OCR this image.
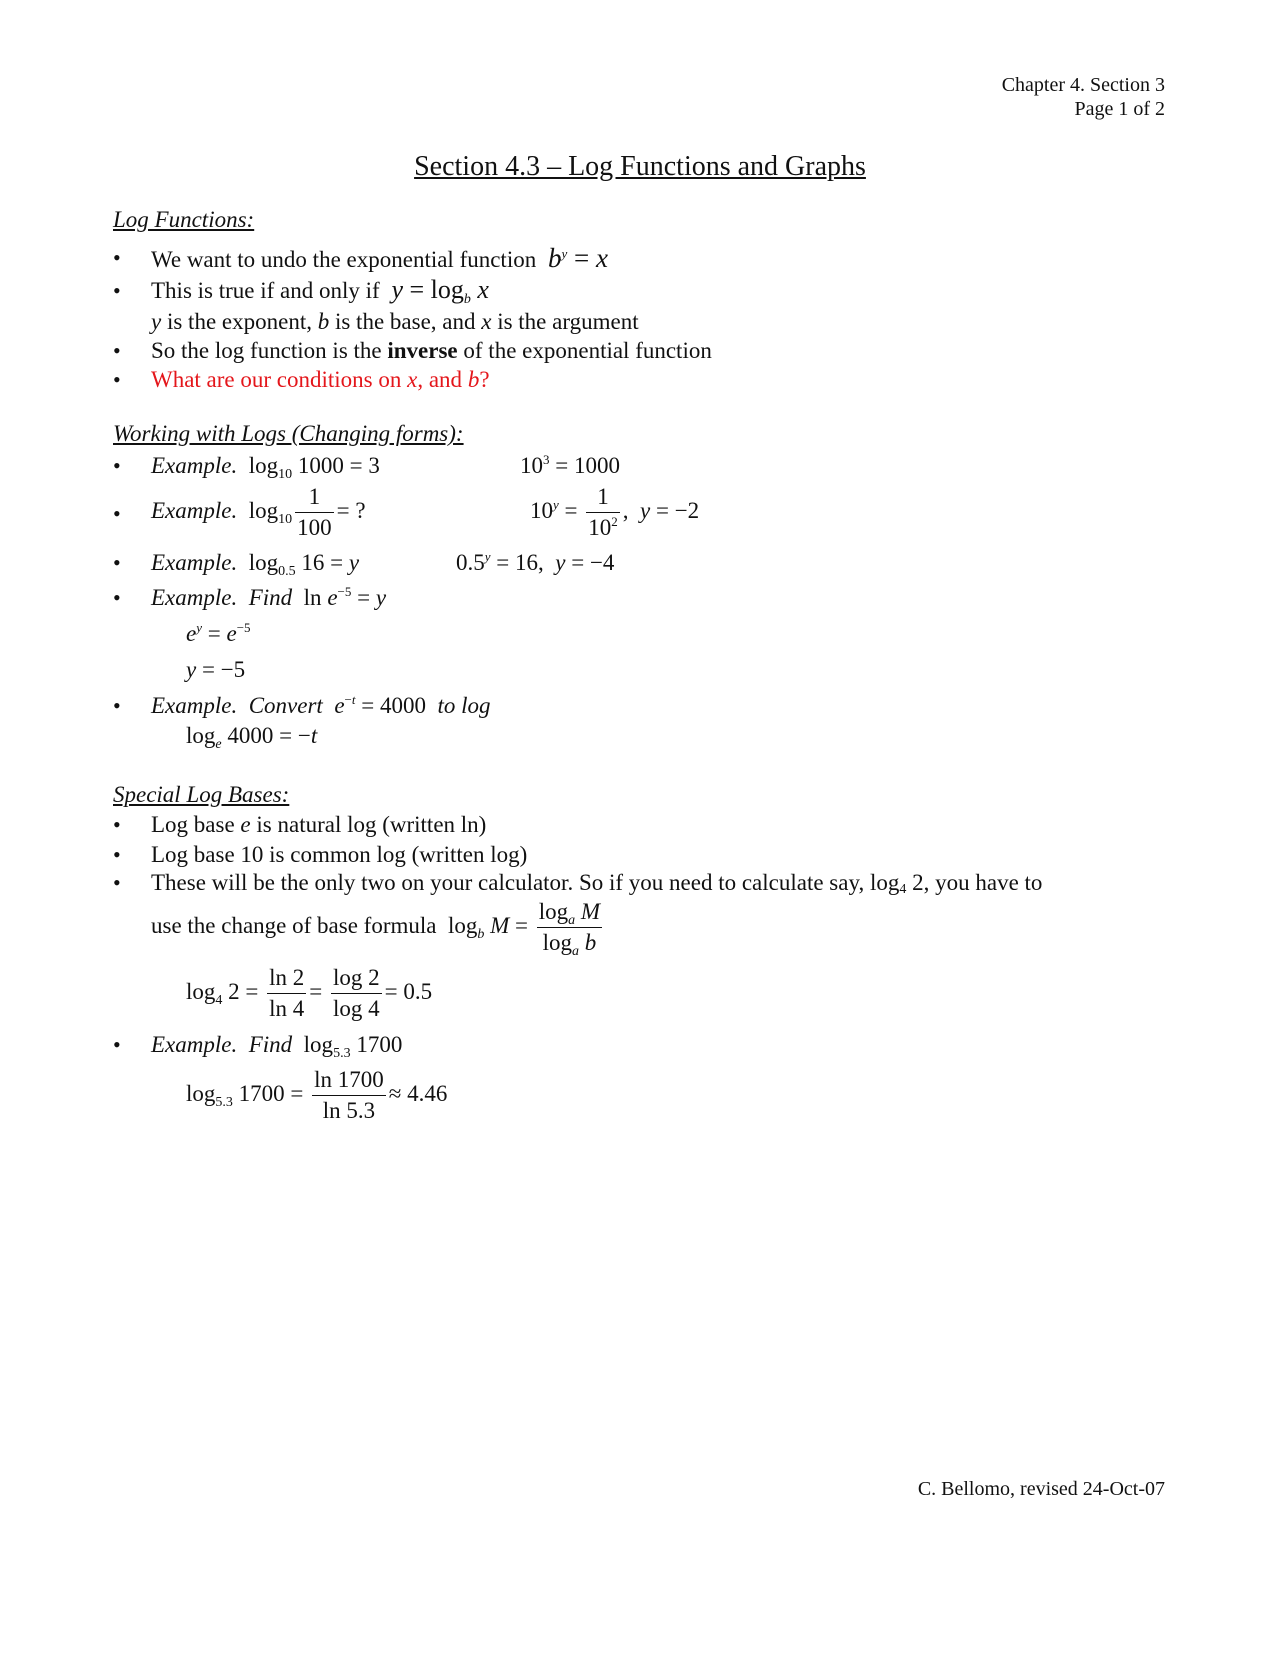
Chapter 4. Section 3
Page 1 of 2
Section 4.3 – Log Functions and Graphs
Log Functions:
• We want to undo the exponential function $b^y = x$
• This is true if and only if $y = \log_b x$
y is the exponent, b is the base, and x is the argument
• So the log function is the inverse of the exponential function
• What are our conditions on x, and b?
Working with Logs (Changing forms):
• Example.  $\log_{10} 1000 = 3$	$10^3 = 1000$
• Example.  $\log_{10} \frac{1}{100}$ = ?	$10^y = \frac{1}{10^2}$ ,  y = −2
• Example.  $\log_{0.5} 16 = y$	$0.5^y = 16$,  y = −4
• Example. Find  $\ln e^{-5} = y$
$e^y = e^{-5}$
y = −5
• Example. Convert $e^{-t} = 4000$  to log
$\log_e 4000 = -t$
Special Log Bases:
• Log base e is natural log (written ln)
• Log base 10 is common log (written log)
• These will be the only two on your calculator. So if you need to calculate say, $\log_4 2$, you have to
use the change of base formula  $\log_b M = \frac{\log_a M}{\log_a b}$
$\log_4 2 = \frac{\ln 2}{\ln 4} = \frac{\log 2}{\log 4} = 0.5$
• Example. Find  $\log_{5.3} 1700$
$\log_{5.3} 1700 = \frac{\ln 1700}{\ln 5.3} \approx 4.46$
C. Bellomo, revised 24-Oct-07
